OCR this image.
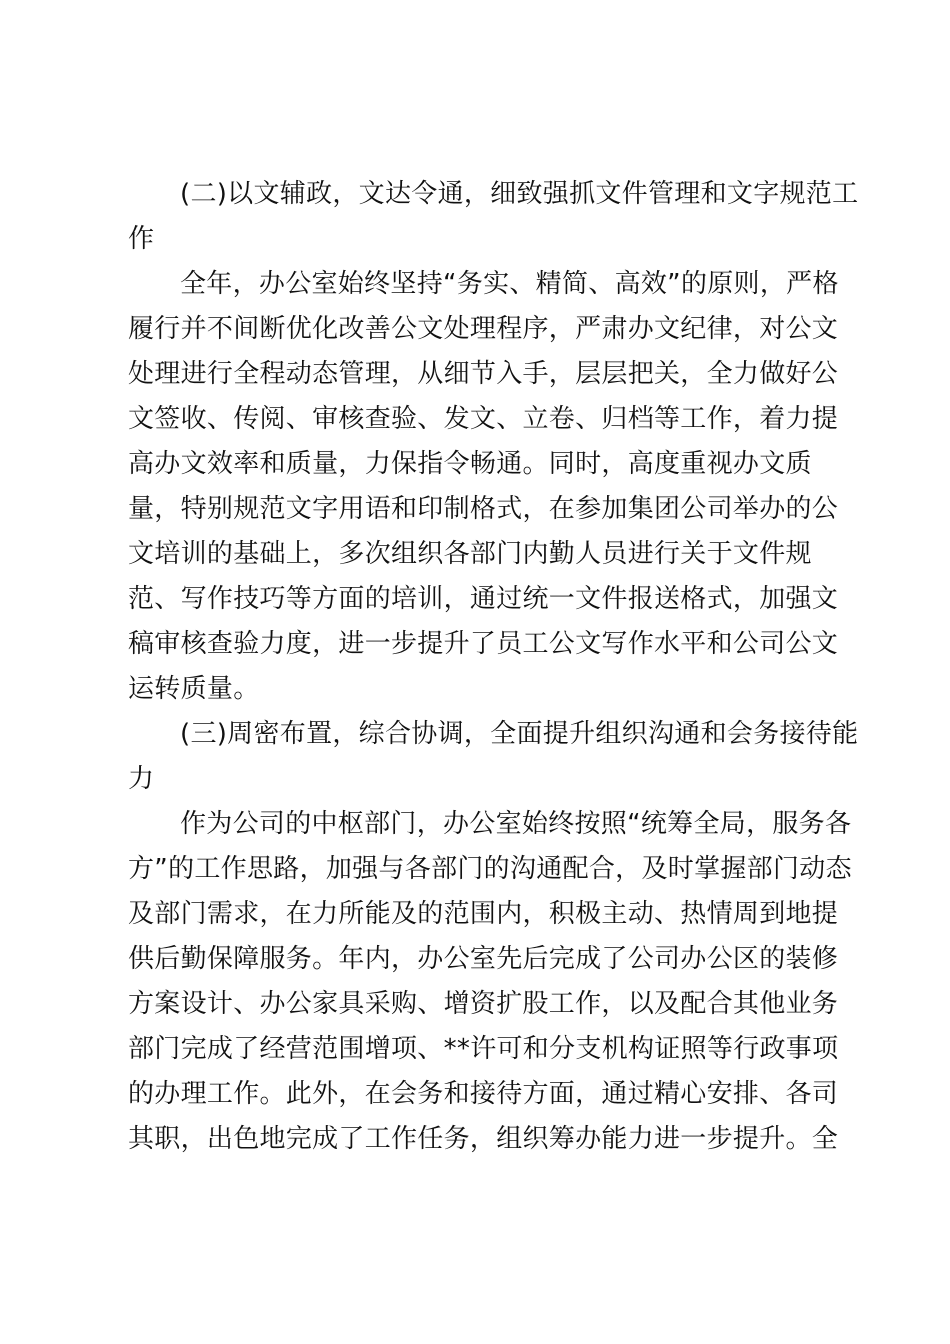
(二)以文辅政，文达令通，细致强抓文件管理和文字规范工
作
全年，办公室始终坚持“务实、精简、高效”的原则，严格
履行并不间断优化改善公文处理程序，严肃办文纪律，对公文
处理进行全程动态管理，从细节入手，层层把关，全力做好公
文签收、传阅、审核查验、发文、立卷、归档等工作，着力提
高办文效率和质量，力保指令畅通。同时，高度重视办文质
量，特别规范文字用语和印制格式，在参加集团公司举办的公
文培训的基础上，多次组织各部门内勤人员进行关于文件规
范、写作技巧等方面的培训，通过统一文件报送格式，加强文
稿审核查验力度，进一步提升了员工公文写作水平和公司公文
运转质量。
(三)周密布置，综合协调，全面提升组织沟通和会务接待能
力
作为公司的中枢部门，办公室始终按照“统筹全局，服务各
方”的工作思路，加强与各部门的沟通配合，及时掌握部门动态
及部门需求，在力所能及的范围内，积极主动、热情周到地提
供后勤保障服务。年内，办公室先后完成了公司办公区的装修
方案设计、办公家具采购、增资扩股工作，以及配合其他业务
部门完成了经营范围增项、**许可和分支机构证照等行政事项
的办理工作。此外，在会务和接待方面，通过精心安排、各司
其职，出色地完成了工作任务，组织筹办能力进一步提升。全
